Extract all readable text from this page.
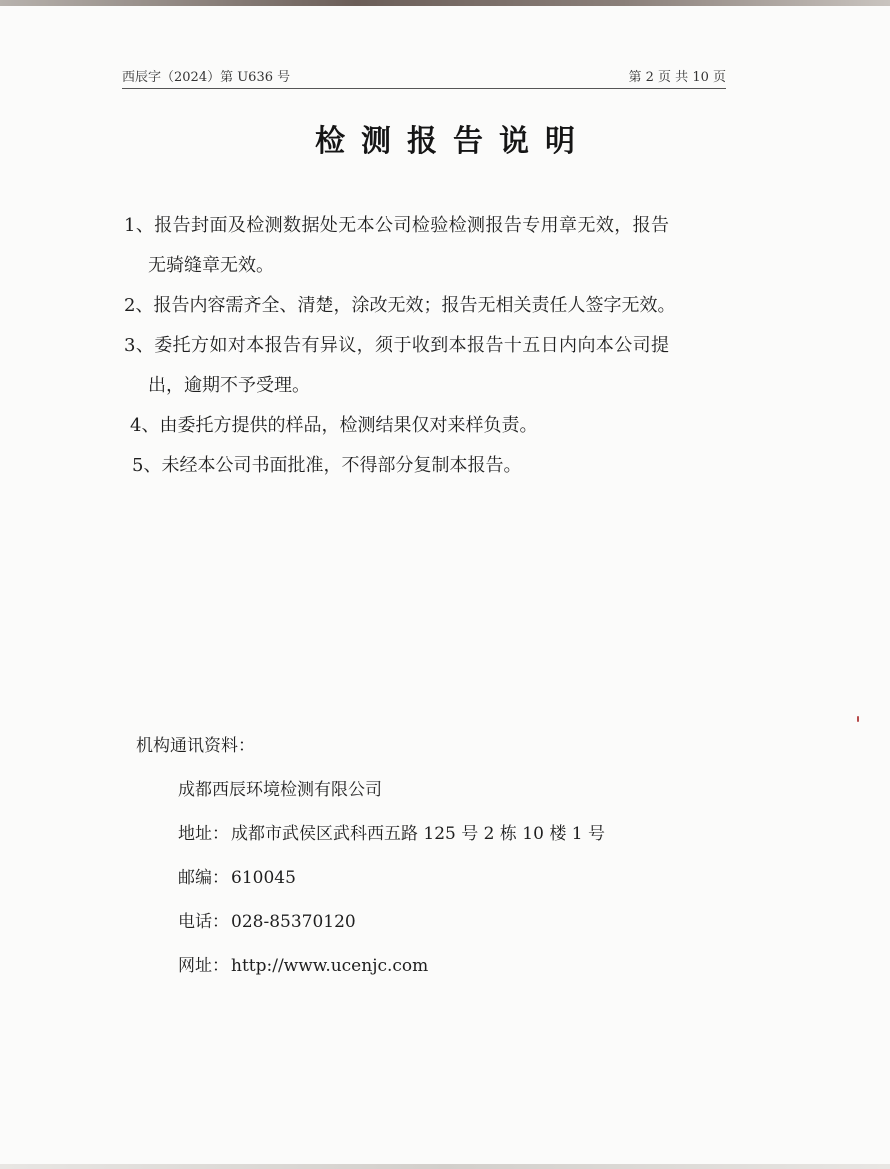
西辰字（2024）第 U636 号	第 2 页 共 10 页
检测报告说明
1、报告封面及检测数据处无本公司检验检测报告专用章无效，报告
无骑缝章无效。
2、报告内容需齐全、清楚，涂改无效；报告无相关责任人签字无效。
3、委托方如对本报告有异议，须于收到本报告十五日内向本公司提
出，逾期不予受理。
4、由委托方提供的样品，检测结果仅对来样负责。
5、未经本公司书面批准，不得部分复制本报告。
机构通讯资料：
成都西辰环境检测有限公司
地址： 成都市武侯区武科西五路 125 号 2 栋 10 楼 1 号
邮编： 610045
电话： 028-85370120
网址： http://www.ucenjc.com
